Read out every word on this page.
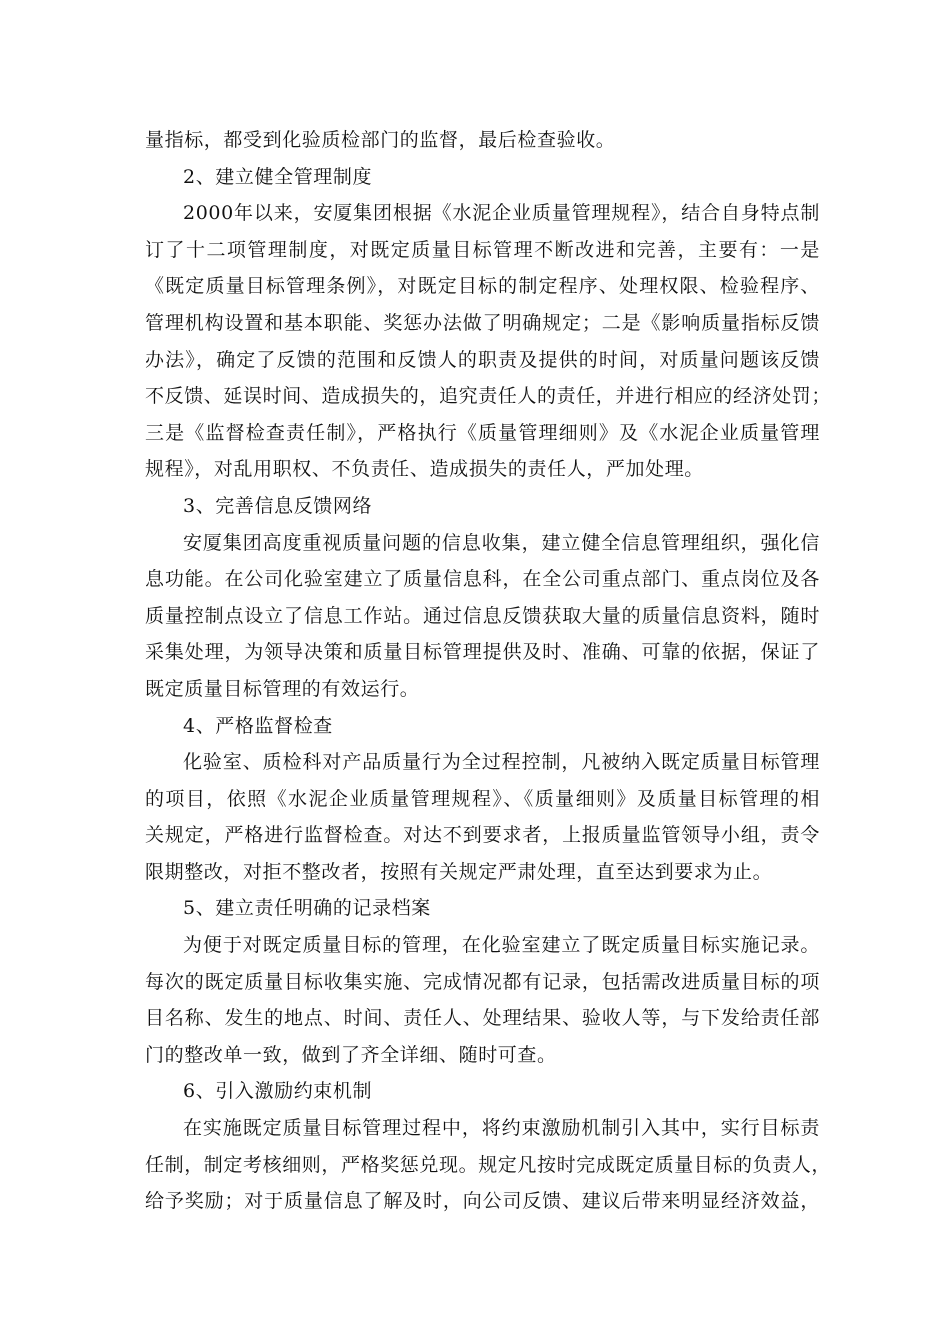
量指标，都受到化验质检部门的监督，最后检查验收。
2、建立健全管理制度
2000年以来，安厦集团根据《水泥企业质量管理规程》，结合自身特点制
订了十二项管理制度，对既定质量目标管理不断改进和完善，主要有：一是
《既定质量目标管理条例》，对既定目标的制定程序、处理权限、检验程序、
管理机构设置和基本职能、奖惩办法做了明确规定；二是《影响质量指标反馈
办法》，确定了反馈的范围和反馈人的职责及提供的时间，对质量问题该反馈
不反馈、延误时间、造成损失的，追究责任人的责任，并进行相应的经济处罚；
三是《监督检查责任制》，严格执行《质量管理细则》及《水泥企业质量管理
规程》，对乱用职权、不负责任、造成损失的责任人，严加处理。
3、完善信息反馈网络
安厦集团高度重视质量问题的信息收集，建立健全信息管理组织，强化信
息功能。在公司化验室建立了质量信息科，在全公司重点部门、重点岗位及各
质量控制点设立了信息工作站。通过信息反馈获取大量的质量信息资料，随时
采集处理，为领导决策和质量目标管理提供及时、准确、可靠的依据，保证了
既定质量目标管理的有效运行。
4、严格监督检查
化验室、质检科对产品质量行为全过程控制，凡被纳入既定质量目标管理
的项目，依照《水泥企业质量管理规程》、《质量细则》及质量目标管理的相
关规定，严格进行监督检查。对达不到要求者，上报质量监管领导小组，责令
限期整改，对拒不整改者，按照有关规定严肃处理，直至达到要求为止。
5、建立责任明确的记录档案
为便于对既定质量目标的管理，在化验室建立了既定质量目标实施记录。
每次的既定质量目标收集实施、完成情况都有记录，包括需改进质量目标的项
目名称、发生的地点、时间、责任人、处理结果、验收人等，与下发给责任部
门的整改单一致，做到了齐全详细、随时可查。
6、引入激励约束机制
在实施既定质量目标管理过程中，将约束激励机制引入其中，实行目标责
任制，制定考核细则，严格奖惩兑现。规定凡按时完成既定质量目标的负责人，
给予奖励；对于质量信息了解及时，向公司反馈、建议后带来明显经济效益，
